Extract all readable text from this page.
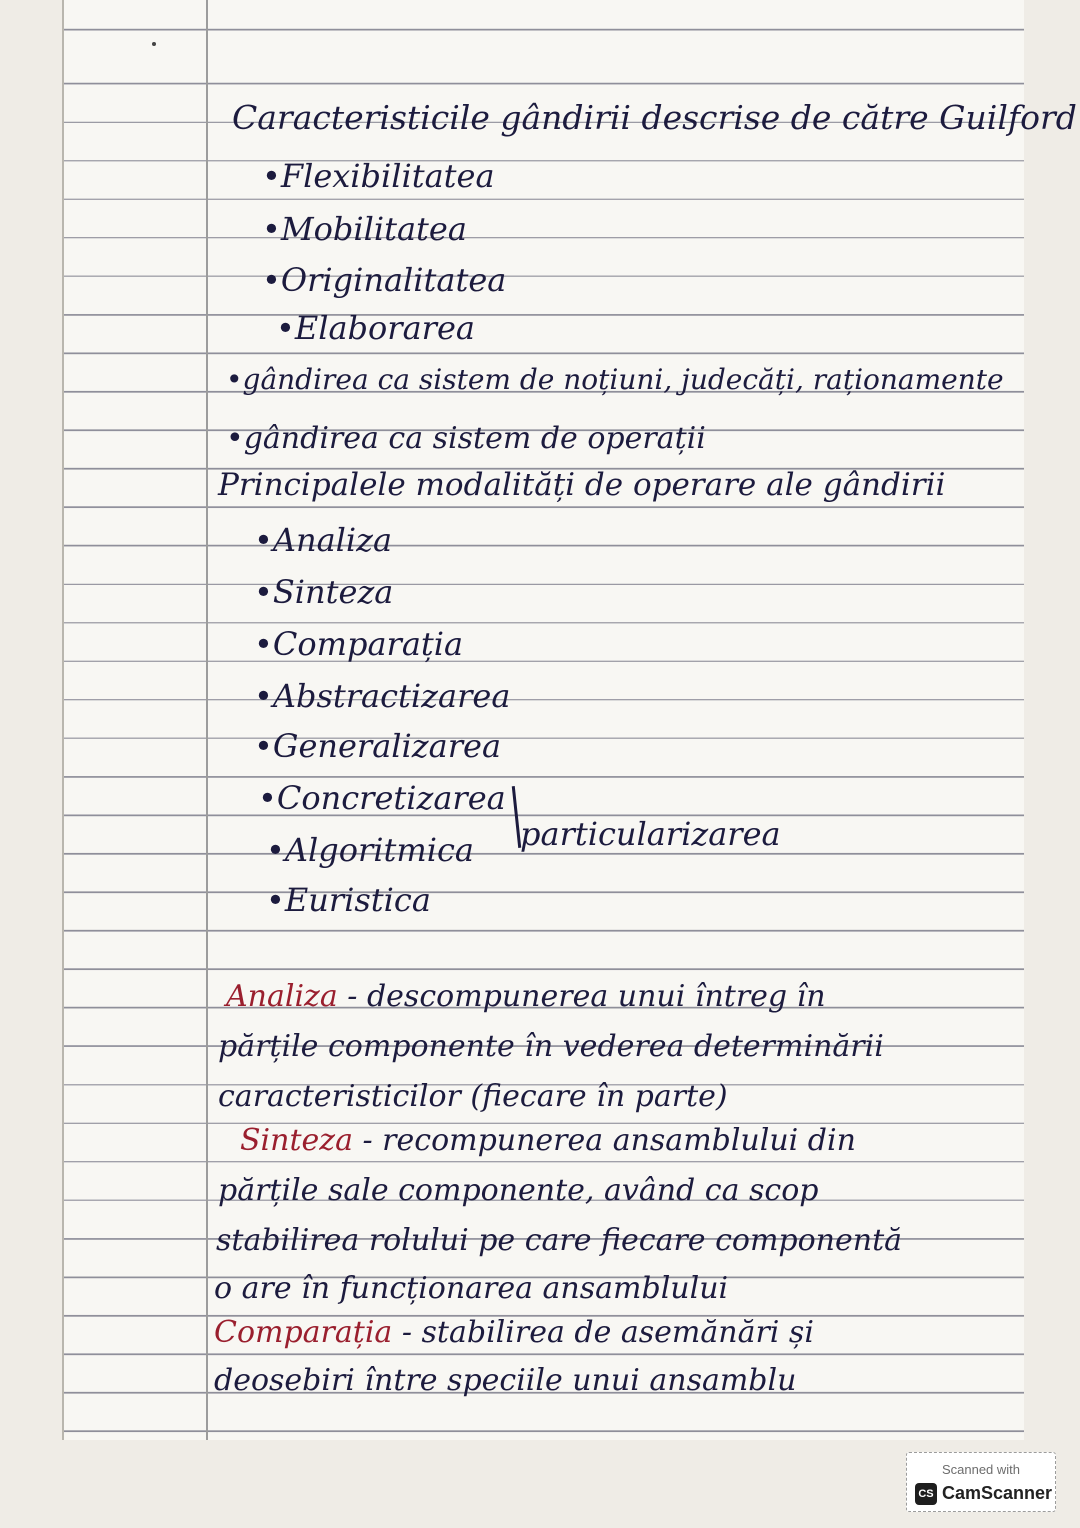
Caracteristicile gândirii descrise de către Guilford
• Flexibilitatea
• Mobilitatea
• Originalitatea
• Elaborarea
• gândirea ca sistem de noțiuni, judecăți, raționamente
• gândirea ca sistem de operații
Principalele modalități de operare ale gândirii
• Analiza
• Sinteza
• Comparația
• Abstractizarea
• Generalizarea
• Concretizarea
particularizarea
• Algoritmica
• Euristica
Analiza - descompunerea unui întreg în
părțile componente în vederea determinării
caracteristicilor (fiecare în parte)
Sinteza - recompunerea ansamblului din
părțile sale componente, având ca scop
stabilirea rolului pe care fiecare componentă
o are în funcționarea ansamblului
Comparația - stabilirea de asemănări și
deosebiri între speciile unui ansamblu
Scanned with
CS CamScanner
